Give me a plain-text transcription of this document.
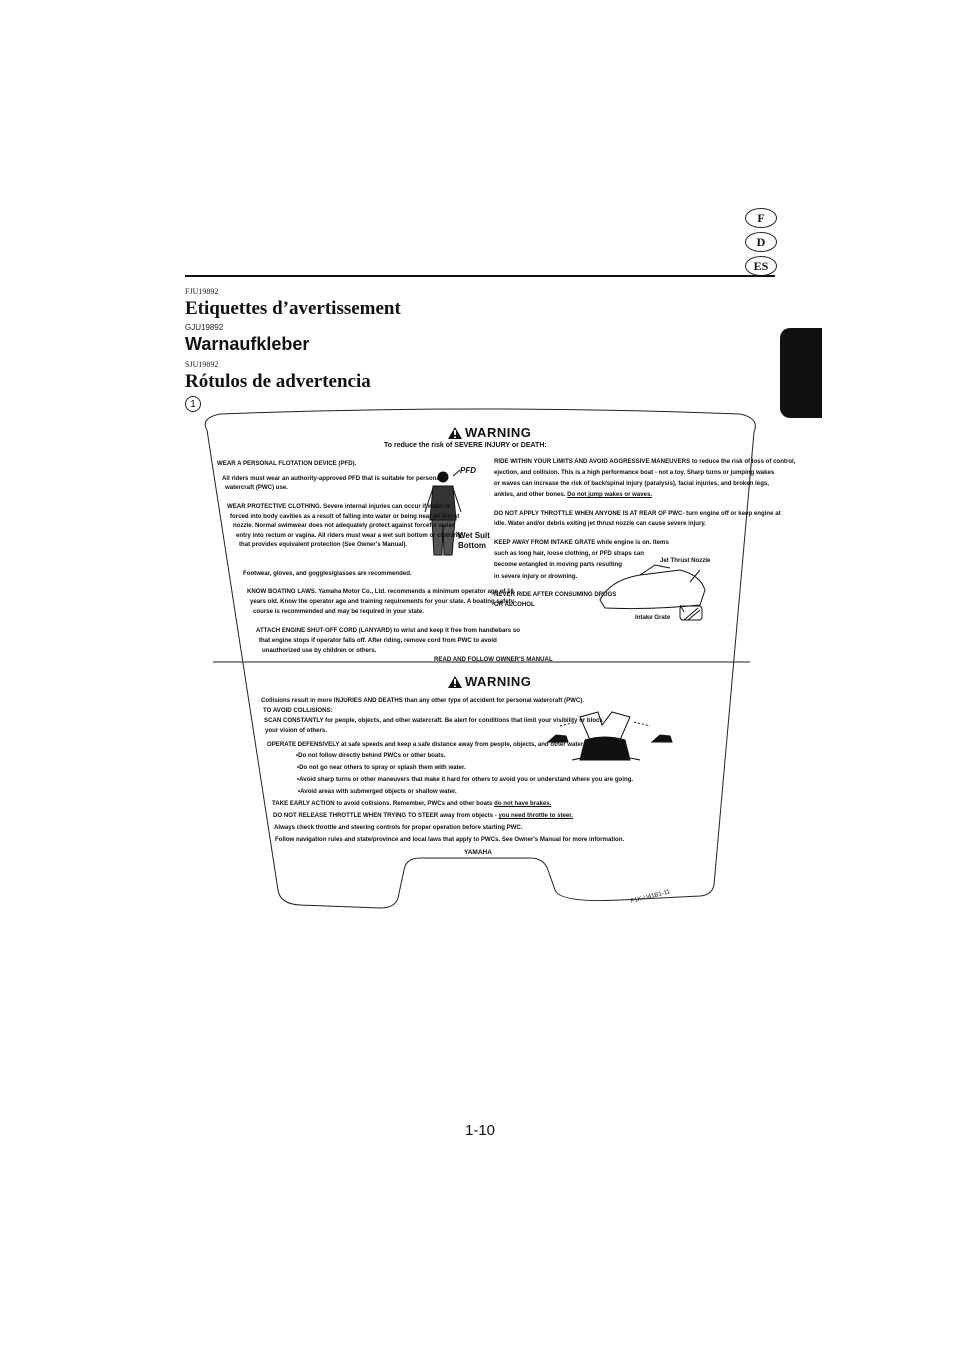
F
D
ES
FJU19892
Etiquettes d’avertissement
GJU19892
Warnaufkleber
SJU19892
Rótulos de advertencia
1
WARNING
To reduce the risk of SEVERE INJURY or DEATH:
WEAR A PERSONAL FLOTATION DEVICE (PFD).
All riders must wear an authority-approved PFD that is suitable for personal
watercraft (PWC) use.
WEAR PROTECTIVE CLOTHING. Severe internal injuries can occur if water is
forced into body cavities as a result of falling into water or being near jet thrust
nozzle. Normal swimwear does not adequately protect against forceful water
entry into rectum or vagina. All riders must wear a wet suit bottom or clothing
that provides equivalent protection (See Owner's Manual).
Footwear, gloves, and goggles/glasses are recommended.
KNOW BOATING LAWS. Yamaha Motor Co., Ltd. recommends a minimum operator age of 16
years old. Know the operator age and training requirements for your state. A boating safety
course is recommended and may be required in your state.
ATTACH ENGINE SHUT-OFF CORD (LANYARD) to wrist and keep it free from handlebars so
that engine stops if operator falls off. After riding, remove cord from PWC to avoid
unauthorized use by children or others.
PFD
Wet Suit
Bottom
RIDE WITHIN YOUR LIMITS AND AVOID AGGRESSIVE MANEUVERS to reduce the risk of loss of control,
ejection, and collision. This is a high performance boat - not a toy. Sharp turns or jumping wakes
or waves can increase the risk of back/spinal injury (paralysis), facial injuries, and broken legs,
ankles, and other bones. Do not jump wakes or waves.
DO NOT APPLY THROTTLE WHEN ANYONE IS AT REAR OF PWC- turn engine off or keep engine at
idle. Water and/or debris exiting jet thrust nozzle can cause severe injury.
KEEP AWAY FROM INTAKE GRATE while engine is on. Items
such as long hair, loose clothing, or PFD straps can
become entangled in moving parts resulting
in severe injury or drowning.
NEVER RIDE AFTER CONSUMING DRUGS
OR ALCOHOL
Jet Thrust Nozzle
Intake Grate
READ AND FOLLOW OWNER'S MANUAL
WARNING
Collisions result in more INJURIES AND DEATHS than any other type of accident for personal watercraft (PWC).
TO AVOID COLLISIONS:
SCAN CONSTANTLY for people, objects, and other watercraft. Be alert for conditions that limit your visibility or block
your vision of others.
OPERATE DEFENSIVELY at safe speeds and keep a safe distance away from people, objects, and other watercraft.
•Do not follow directly behind PWCs or other boats.
•Do not go near others to spray or splash them with water.
•Avoid sharp turns or other maneuvers that make it hard for others to avoid you or understand where you are going.
•Avoid areas with submerged objects or shallow water.
TAKE EARLY ACTION to avoid collisions. Remember, PWCs and other boats do not have brakes.
DO NOT RELEASE THROTTLE WHEN TRYING TO STEER away from objects - you need throttle to steer.
Always check throttle and steering controls for proper operation before starting PWC.
Follow navigation rules and state/province and local laws that apply to PWCs. See Owner's Manual for more information.
YAMAHA
F1K-U41B1-11
1-10
